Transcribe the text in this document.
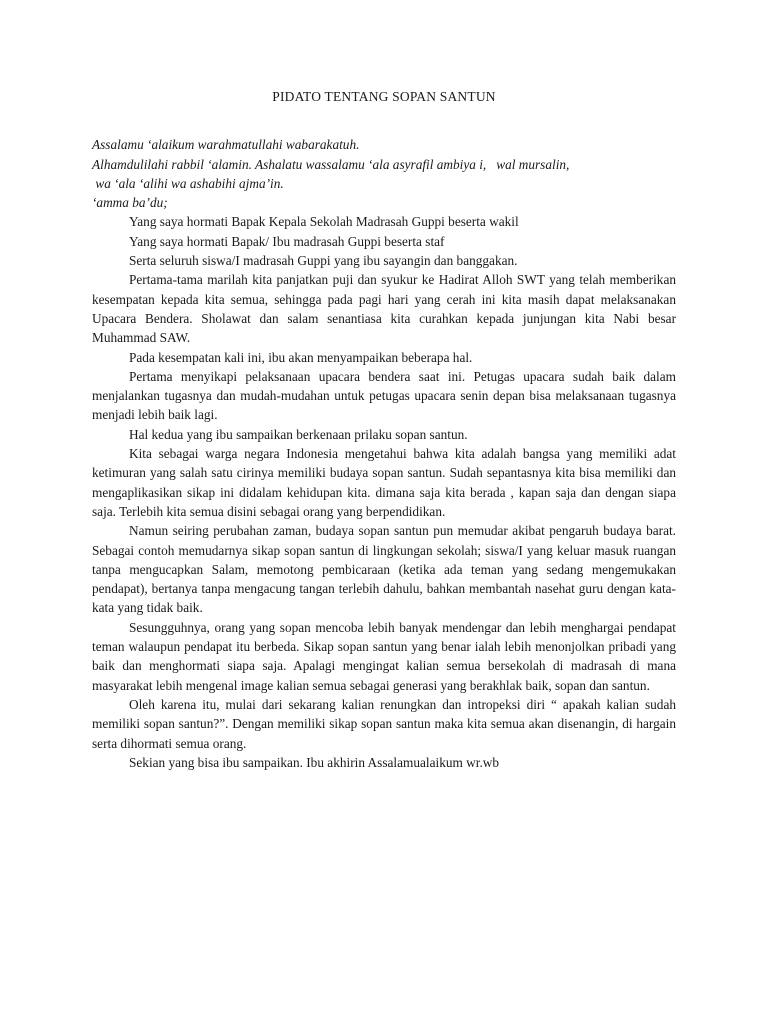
PIDATO TENTANG SOPAN SANTUN

Assalamu ‘alaikum warahmatullahi wabarakatuh.
Alhamdulilahi rabbil ‘alamin. Ashalatu wassalamu ‘ala asyrafil ambiya i,   wal mursalin,
wa ‘ala ‘alihi wa ashabihi ajma’in.
‘amma ba’du;
Yang saya hormati Bapak Kepala Sekolah Madrasah Guppi beserta wakil
Yang saya hormati Bapak/ Ibu madrasah Guppi beserta staf
Serta seluruh siswa/I madrasah Guppi yang ibu sayangin dan banggakan.

Pertama-tama marilah kita panjatkan puji dan syukur ke Hadirat Alloh SWT yang telah memberikan kesempatan kepada kita semua, sehingga pada pagi hari yang cerah ini kita masih dapat melaksanakan Upacara Bendera. Sholawat dan salam senantiasa kita curahkan kepada junjungan kita Nabi besar Muhammad SAW.

Pada kesempatan kali ini, ibu akan menyampaikan beberapa hal.

Pertama menyikapi pelaksanaan upacara bendera saat ini. Petugas upacara sudah baik dalam menjalankan tugasnya dan mudah-mudahan untuk petugas upacara senin depan bisa melaksanaan tugasnya menjadi lebih baik lagi.

Hal kedua yang ibu sampaikan berkenaan prilaku sopan santun.

Kita sebagai warga negara Indonesia mengetahui bahwa kita adalah bangsa yang memiliki adat ketimuran yang salah satu cirinya memiliki budaya sopan santun. Sudah sepantasnya kita bisa memiliki dan mengaplikasikan sikap ini didalam kehidupan kita. dimana saja kita berada , kapan saja dan dengan siapa saja. Terlebih kita semua disini sebagai orang yang berpendidikan.

Namun seiring perubahan zaman, budaya sopan santun pun memudar akibat pengaruh budaya barat. Sebagai contoh memudarnya sikap sopan santun di lingkungan sekolah; siswa/I yang keluar masuk ruangan tanpa mengucapkan Salam, memotong pembicaraan (ketika ada teman yang sedang mengemukakan pendapat), bertanya tanpa mengacung tangan terlebih dahulu, bahkan membantah nasehat guru dengan kata-kata yang tidak baik.

Sesungguhnya, orang yang sopan mencoba lebih banyak mendengar dan lebih menghargai pendapat teman walaupun pendapat itu berbeda. Sikap sopan santun yang benar ialah lebih menonjolkan pribadi yang baik dan menghormati siapa saja. Apalagi mengingat kalian semua bersekolah di madrasah di mana masyarakat lebih mengenal image kalian semua sebagai generasi yang berakhlak baik, sopan dan santun.

Oleh karena itu, mulai dari sekarang kalian renungkan dan intropeksi diri “ apakah kalian sudah memiliki sopan santun?”. Dengan memiliki sikap sopan santun maka kita semua akan disenangin, di hargain serta dihormati semua orang.

Sekian yang bisa ibu sampaikan. Ibu akhirin Assalamualaikum wr.wb
